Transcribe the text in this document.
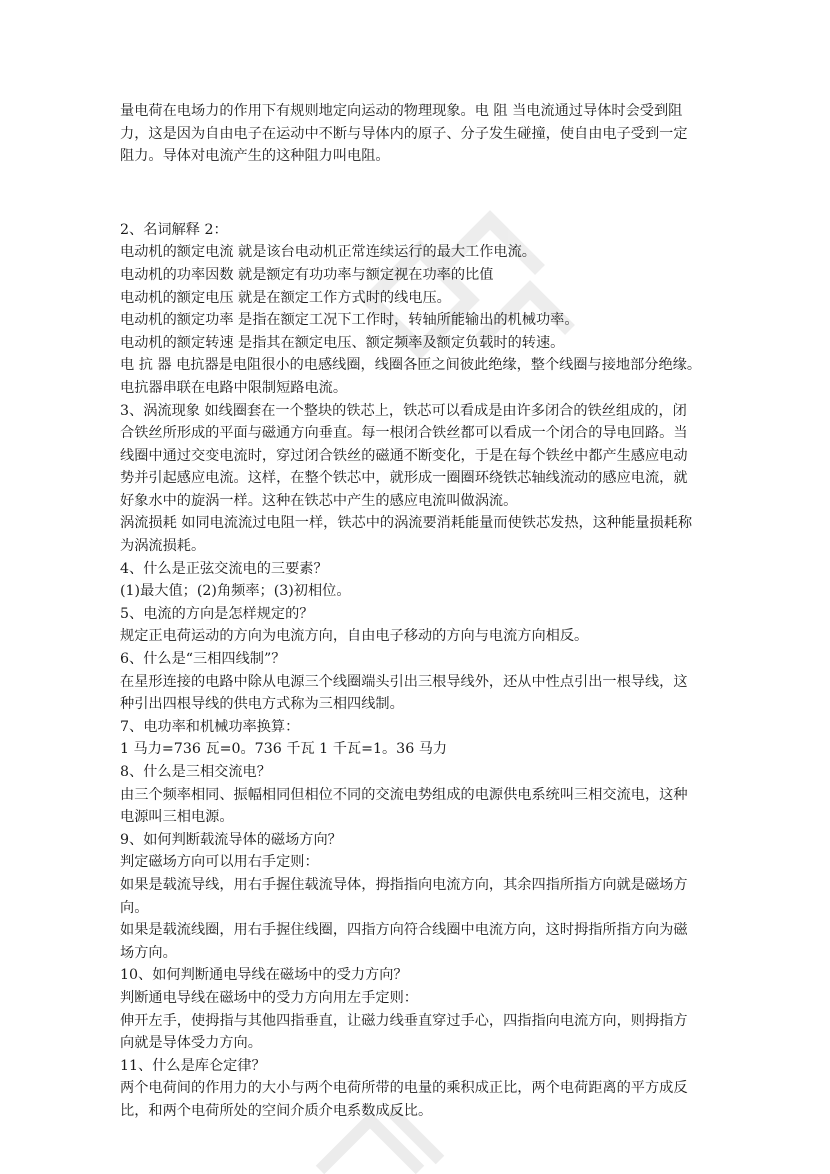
量电荷在电场力的作用下有规则地定向运动的物理现象。电 阻 当电流通过导体时会受到阻

力，这是因为自由电子在运动中不断与导体内的原子、分子发生碰撞，使自由电子受到一定

阻力。导体对电流产生的这种阻力叫电阻。

2、名词解释 2：

电动机的额定电流 就是该台电动机正常连续运行的最大工作电流。

电动机的功率因数 就是额定有功功率与额定视在功率的比值

电动机的额定电压 就是在额定工作方式时的线电压。

电动机的额定功率 是指在额定工况下工作时，转轴所能输出的机械功率。

电动机的额定转速 是指其在额定电压、额定频率及额定负载时的转速。

电 抗 器 电抗器是电阻很小的电感线圈，线圈各匝之间彼此绝缘，整个线圈与接地部分绝缘。

电抗器串联在电路中限制短路电流。

3、涡流现象 如线圈套在一个整块的铁芯上，铁芯可以看成是由许多闭合的铁丝组成的，闭

合铁丝所形成的平面与磁通方向垂直。每一根闭合铁丝都可以看成一个闭合的导电回路。当

线圈中通过交变电流时，穿过闭合铁丝的磁通不断变化，于是在每个铁丝中都产生感应电动

势并引起感应电流。这样，在整个铁芯中，就形成一圈圈环绕铁芯轴线流动的感应电流，就

好象水中的旋涡一样。这种在铁芯中产生的感应电流叫做涡流。

涡流损耗 如同电流流过电阻一样，铁芯中的涡流要消耗能量而使铁芯发热，这种能量损耗称

为涡流损耗。

4、什么是正弦交流电的三要素？

(1)最大值；(2)角频率；(3)初相位。

5、电流的方向是怎样规定的？

规定正电荷运动的方向为电流方向，自由电子移动的方向与电流方向相反。

6、什么是“三相四线制”？

在星形连接的电路中除从电源三个线圈端头引出三根导线外，还从中性点引出一根导线，这

种引出四根导线的供电方式称为三相四线制。

7、电功率和机械功率换算：

1 马力=736 瓦=0。736 千瓦 1 千瓦=1。36 马力

8、什么是三相交流电？

由三个频率相同、振幅相同但相位不同的交流电势组成的电源供电系统叫三相交流电，这种

电源叫三相电源。

9、如何判断载流导体的磁场方向？

判定磁场方向可以用右手定则：

如果是载流导线，用右手握住载流导体，拇指指向电流方向，其余四指所指方向就是磁场方

向。

如果是载流线圈，用右手握住线圈，四指方向符合线圈中电流方向，这时拇指所指方向为磁

场方向。

10、如何判断通电导线在磁场中的受力方向？

判断通电导线在磁场中的受力方向用左手定则：

伸开左手，使拇指与其他四指垂直，让磁力线垂直穿过手心，四指指向电流方向，则拇指方

向就是导体受力方向。

11、什么是库仑定律？

两个电荷间的作用力的大小与两个电荷所带的电量的乘积成正比，两个电荷距离的平方成反

比，和两个电荷所处的空间介质介电系数成反比。
